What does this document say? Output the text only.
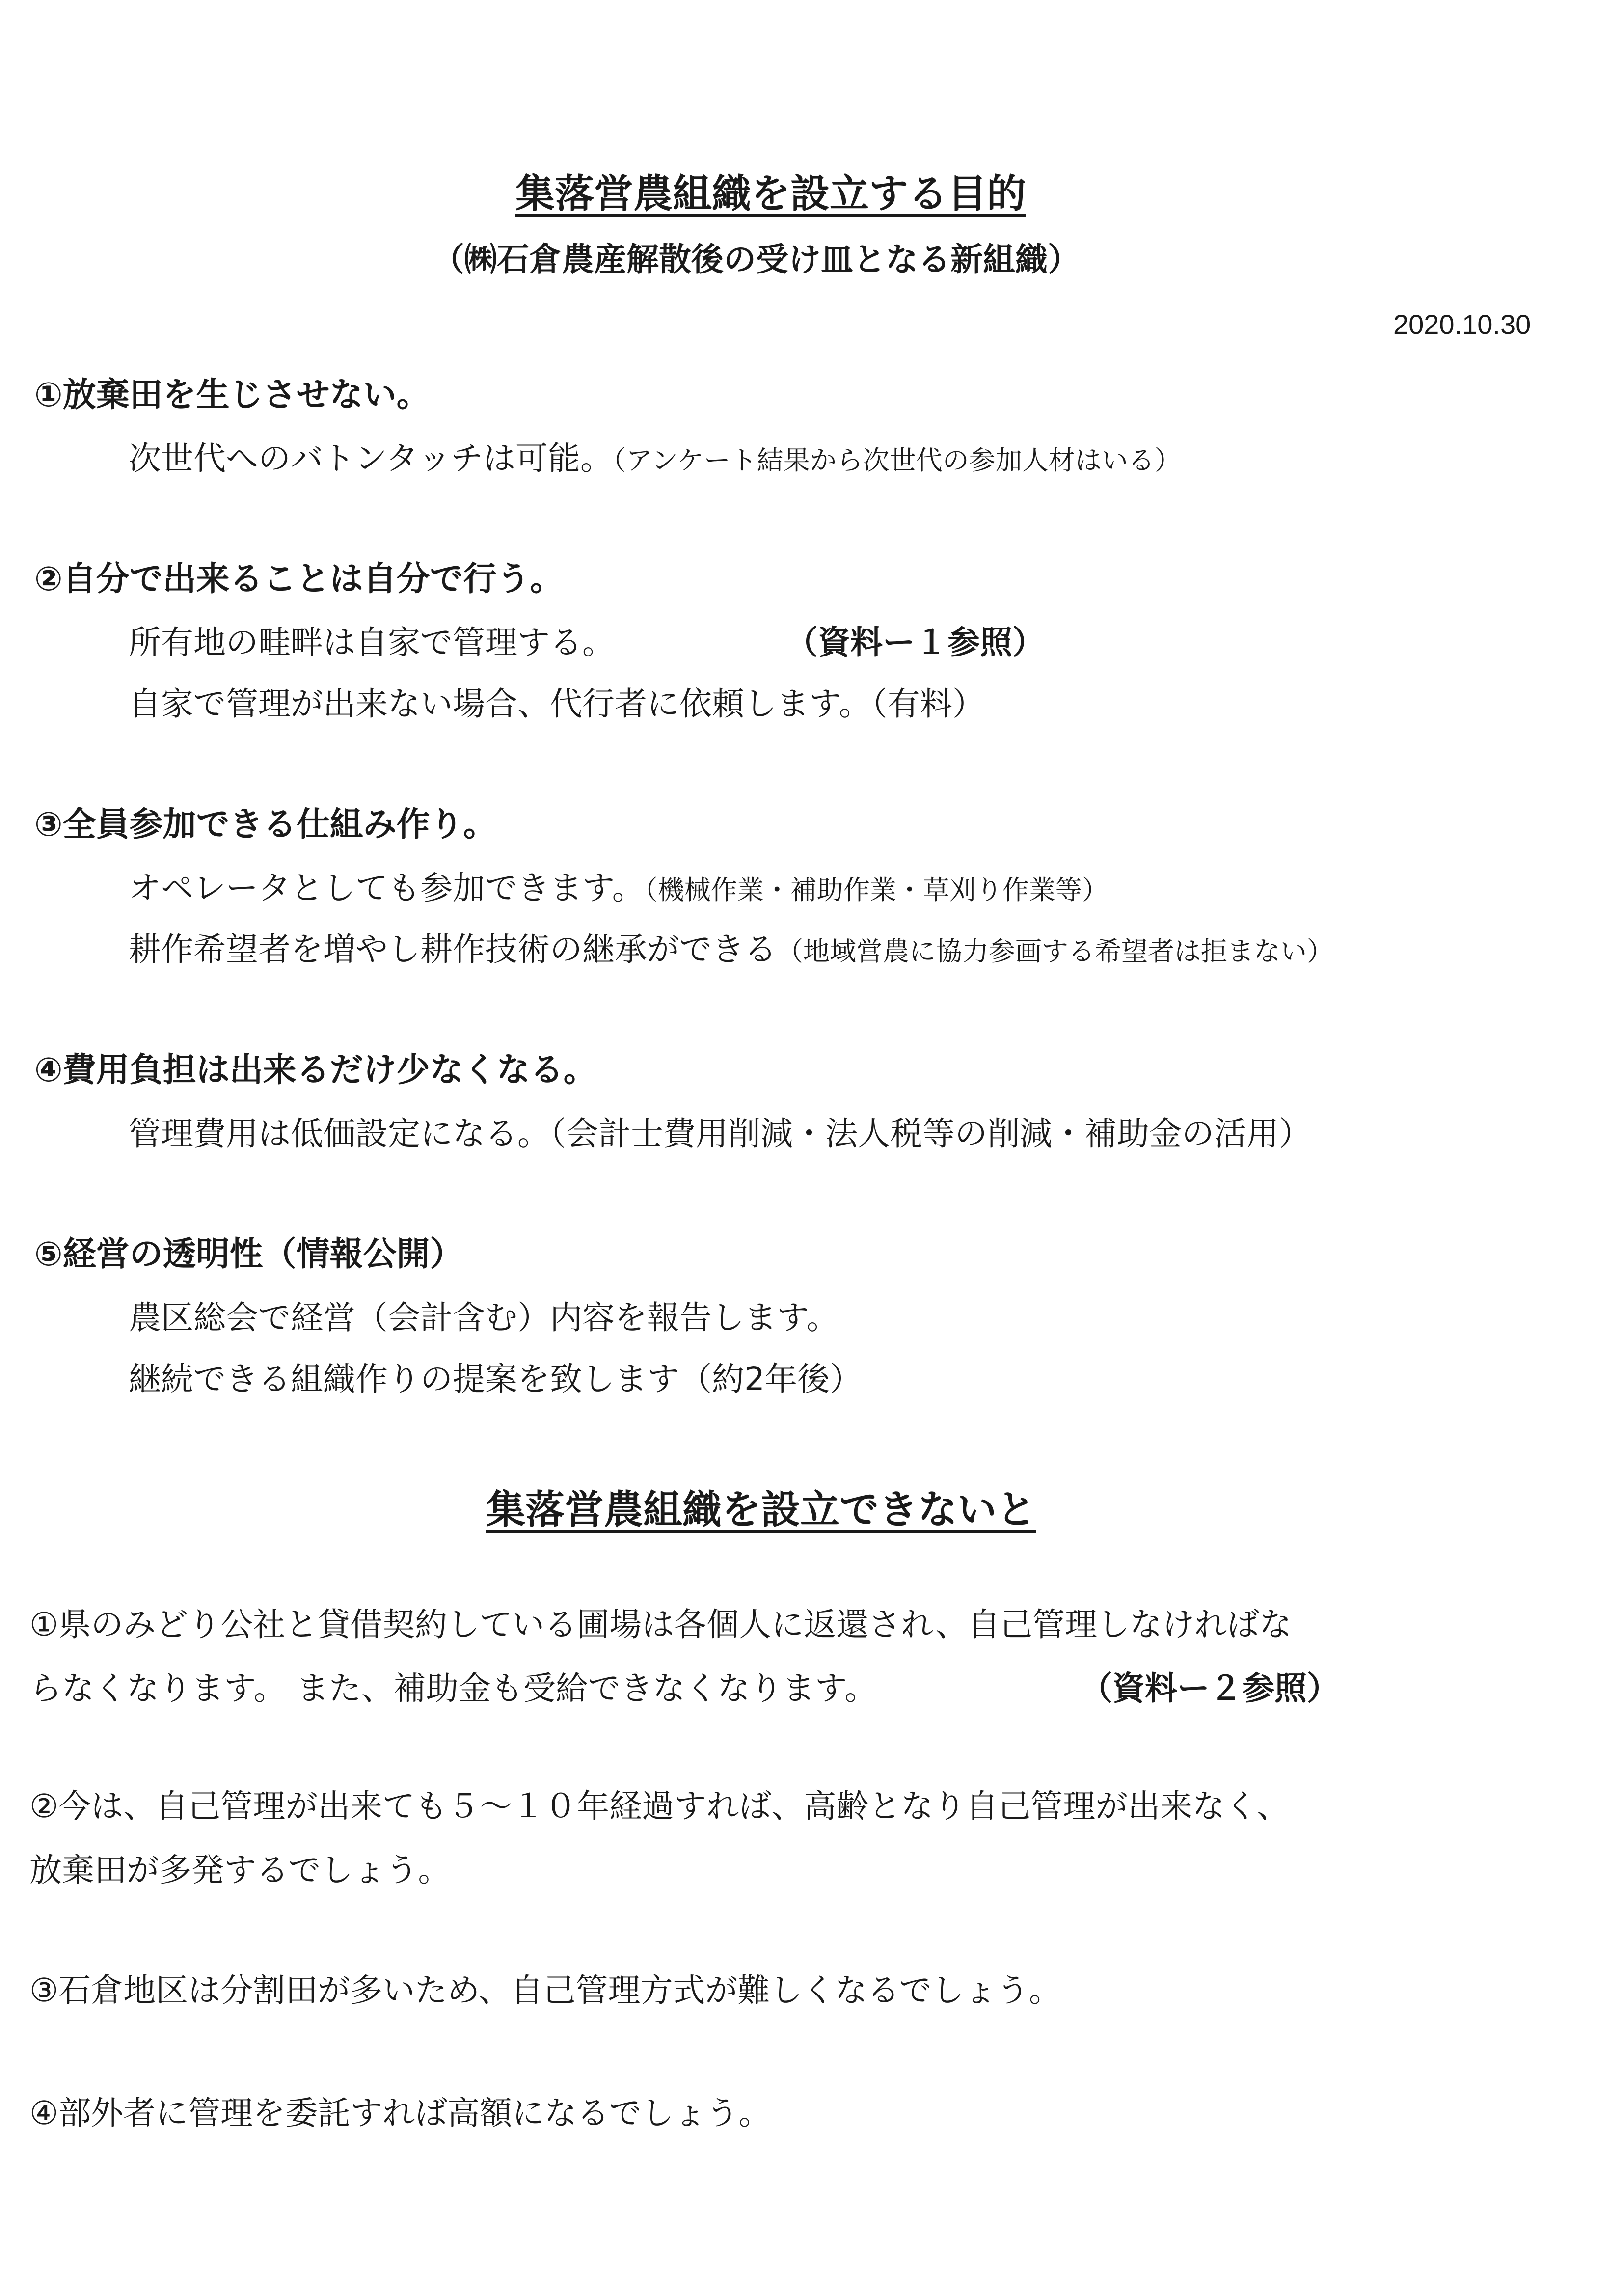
集落営農組織を設立する目的
（㈱石倉農産解散後の受け皿となる新組織）
2020.10.30
①放棄田を生じさせない。
次世代へのバトンタッチは可能。（アンケート結果から次世代の参加人材はいる）
②自分で出来ることは自分で行う。
所有地の畦畔は自家で管理する。	（資料ー１参照）
自家で管理が出来ない場合、代行者に依頼します。（有料）
③全員参加できる仕組み作り。
オペレータとしても参加できます。（機械作業・補助作業・草刈り作業等）
耕作希望者を増やし耕作技術の継承ができる（地域営農に協力参画する希望者は拒まない）
④費用負担は出来るだけ少なくなる。
管理費用は低価設定になる。（会計士費用削減・法人税等の削減・補助金の活用）
⑤経営の透明性（情報公開）
農区総会で経営（会計含む）内容を報告します。
継続できる組織作りの提案を致します（約2年後）
集落営農組織を設立できないと
①県のみどり公社と貸借契約している圃場は各個人に返還され、自己管理しなければな
らなくなります。 また、補助金も受給できなくなります。	（資料ー２参照）
②今は、自己管理が出来ても５～１０年経過すれば、高齢となり自己管理が出来なく、
放棄田が多発するでしょう。
③石倉地区は分割田が多いため、自己管理方式が難しくなるでしょう。
④部外者に管理を委託すれば高額になるでしょう。
